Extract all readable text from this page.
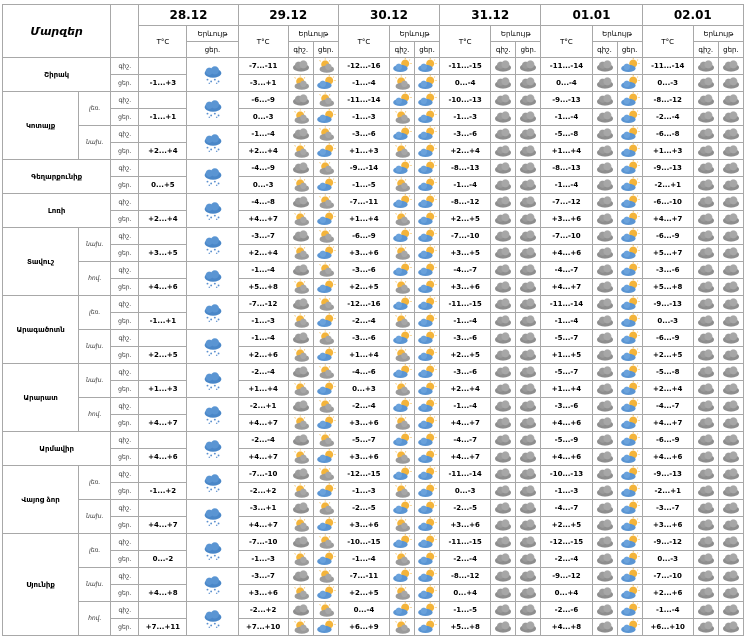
Մարզեր			28.12		29.12			30.12			31.12			01.01			02.01		
			T°C	Երևույթ	T°C	Երևույթ		T°C	Երևույթ		T°C	Երևույթ		T°C	Երևույթ		T°C	Երևույթ	
				ցեր.		գիշ.	ցեր.		գիշ.	ցեր.		գիշ.	ցեր.		գիշ.	ցեր.		գիշ.	ցեր.
Շիրակ		գիշ.			-7...-11			-12...-16			-11...-15			-11...-14			-11...-14	

		ցեր.	-1...+3		-3...+1			-1...-4			0...-4			0...-4			0...-3	

Կոտայք	լեռ.	գիշ.			-6...-9			-11...-14			-10...-13			-9...-13			-8...-12	

		ցեր.	-1...+1		0...-3			-1...-3			-1...-3			-1...-4			-2...-4	

	նախ.	գիշ.			-1...-4			-3...-6			-3...-6			-5...-8			-6...-8	

		ցեր.	+2...+4		+2...+4			+1...+3			+2...+4			+1...+4			+1...+3	

Գեղարքունիք		գիշ.			-4...-9			-9...-14			-8...-13			-8...-13			-9...-13	

		ցեր.	0...+5		0...-3			-1...-5			-1...-4			-1...-4			-2...+1	

Լոռի		գիշ.			-4...-8			-7...-11			-8...-12			-7...-12			-6...-10	

		ցեր.	+2...+4		+4...+7			+1...+4			+2...+5			+3...+6			+4...+7	

Տավուշ	նախ.	գիշ.			-3...-7			-6...-9			-7...-10			-7...-10			-6...-9	

		ցեր.	+3...+5		+2...+4			+3...+6			+3...+5			+4...+6			+5...+7	

	հով.	գիշ.			-1...-4			-3...-6			-4...-7			-4...-7			-3...-6	

		ցեր.	+4...+6		+5...+8			+2...+5			+3...+6			+4...+7			+5...+8	

Արագածոտն	լեռ.	գիշ.			-7...-12			-12...-16			-11...-15			-11...-14			-9...-13	

		ցեր.	-1...+1		-1...-3			-2...-4			-1...-4			-1...-4			0...-3	

	նախ.	գիշ.			-1...-4			-3...-6			-3...-6			-5...-7			-6...-9	

		ցեր.	+2...+5		+2...+6			+1...+4			+2...+5			+1...+5			+2...+5	

Արարատ	նախ.	գիշ.			-2...-4			-4...-6			-3...-6			-5...-7			-5...-8	

		ցեր.	+1...+3		+1...+4			0...+3			+2...+4			+1...+4			+2...+4	

	հով.	գիշ.			-2...+1			-2...-4			-1...-4			-3...-6			-4...-7	

		ցեր.	+4...+7		+4...+7			+3...+6			+4...+7			+4...+6			+4...+7	

Արմավիր		գիշ.			-2...-4			-5...-7			-4...-7			-5...-9			-6...-9	

		ցեր.	+4...+6		+4...+7			+3...+6			+4...+7			+4...+6			+4...+6	

Վայոց ձոր	լեռ.	գիշ.			-7...-10			-12...-15			-11...-14			-10...-13			-9...-13	

		ցեր.	-1...+2		-2...+2			-1...-3			0...-3			-1...-3			-2...+1	

	նախ.	գիշ.			-3...+1			-2...-5			-2...-5			-4...-7			-3...-7	

		ցեր.	+4...+7		+4...+7			+3...+6			+3...+6			+2...+5			+3...+6	

Սյունիք	լեռ.	գիշ.			-7...-10			-10...-15			-11...-15			-12...-15			-9...-12	

		ցեր.	0...-2		-1...-3			-1...-4			-2...-4			-2...-4			0...-3	

	նախ.	գիշ.			-3...-7			-7...-11			-8...-12			-9...-12			-7...-10	

		ցեր.	+4...+8		+3...+6			+2...+5			0...+4			0...+4			+2...+6	

	հով.	գիշ.			-2...+2			0...-4			-1...-5			-2...-6			-1...-4	

		ցեր.	+7...+11		+7...+10			+6...+9			+5...+8			+4...+8			+6...+10	
